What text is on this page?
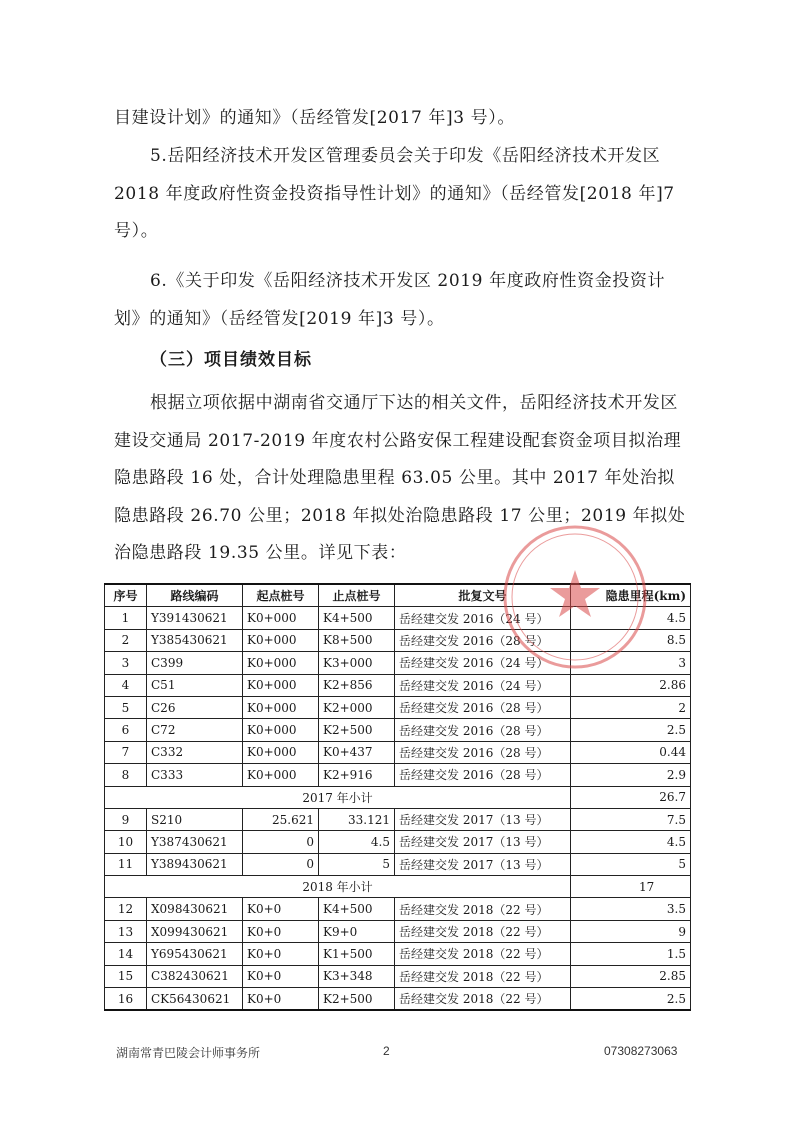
目建设计划》的通知》（岳经管发[2017 年]3 号）。

5.岳阳经济技术开发区管理委员会关于印发《岳阳经济技术开发区 2018 年度政府性资金投资指导性计划》的通知》（岳经管发[2018 年]7 号）。

6.《关于印发《岳阳经济技术开发区 2019 年度政府性资金投资计划》的通知》（岳经管发[2019 年]3 号）。

（三）项目绩效目标

根据立项依据中湖南省交通厅下达的相关文件，岳阳经济技术开发区建设交通局 2017-2019 年度农村公路安保工程建设配套资金项目拟治理隐患路段 16 处，合计处理隐患里程 63.05 公里。其中 2017 年处治拟隐患路段 26.70 公里；2018 年拟处治隐患路段 17 公里；2019 年拟处治隐患路段 19.35 公里。详见下表：

序号	路线编码	起点桩号	止点桩号	批复文号	隐患里程(km)
1	Y391430621	K0+000	K4+500	岳经建交发 2016（24 号）	4.5
2	Y385430621	K0+000	K8+500	岳经建交发 2016（28 号）	8.5
3	C399	K0+000	K3+000	岳经建交发 2016（24 号）	3
4	C51	K0+000	K2+856	岳经建交发 2016（24 号）	2.86
5	C26	K0+000	K2+000	岳经建交发 2016（28 号）	2
6	C72	K0+000	K2+500	岳经建交发 2016（28 号）	2.5
7	C332	K0+000	K0+437	岳经建交发 2016（28 号）	0.44
8	C333	K0+000	K2+916	岳经建交发 2016（28 号）	2.9
2017 年小计					26.7
9	S210	25.621	33.121	岳经建交发 2017（13 号）	7.5
10	Y387430621	0	4.5	岳经建交发 2017（13 号）	4.5
11	Y389430621	0	5	岳经建交发 2017（13 号）	5
2018 年小计					17
12	X098430621	K0+0	K4+500	岳经建交发 2018（22 号）	3.5
13	X099430621	K0+0	K9+0	岳经建交发 2018（22 号）	9
14	Y695430621	K0+0	K1+500	岳经建交发 2018（22 号）	1.5
15	C382430621	K0+0	K3+348	岳经建交发 2018（22 号）	2.85
16	CK56430621	K0+0	K2+500	岳经建交发 2018（22 号）	2.5
湖南常青巴陵会计师事务所	2	07308273063
